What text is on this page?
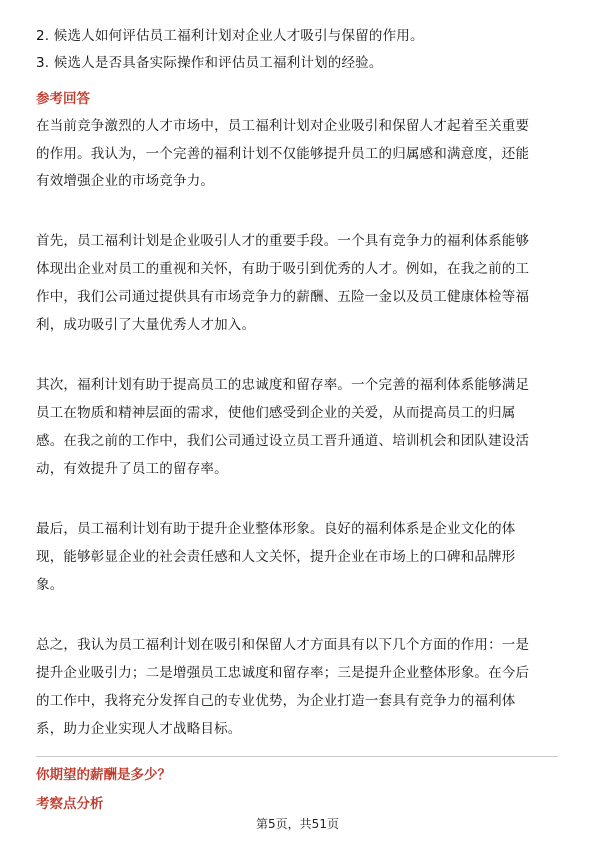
2. 候选人如何评估员工福利计划对企业人才吸引与保留的作用。
3. 候选人是否具备实际操作和评估员工福利计划的经验。
参考回答
在当前竞争激烈的人才市场中，员工福利计划对企业吸引和保留人才起着至关重要
的作用。我认为，一个完善的福利计划不仅能够提升员工的归属感和满意度，还能
有效增强企业的市场竞争力。
首先，员工福利计划是企业吸引人才的重要手段。一个具有竞争力的福利体系能够
体现出企业对员工的重视和关怀，有助于吸引到优秀的人才。例如，在我之前的工
作中，我们公司通过提供具有市场竞争力的薪酬、五险一金以及员工健康体检等福
利，成功吸引了大量优秀人才加入。
其次，福利计划有助于提高员工的忠诚度和留存率。一个完善的福利体系能够满足
员工在物质和精神层面的需求，使他们感受到企业的关爱，从而提高员工的归属
感。在我之前的工作中，我们公司通过设立员工晋升通道、培训机会和团队建设活
动，有效提升了员工的留存率。
最后，员工福利计划有助于提升企业整体形象。良好的福利体系是企业文化的体
现，能够彰显企业的社会责任感和人文关怀，提升企业在市场上的口碑和品牌形
象。
总之，我认为员工福利计划在吸引和保留人才方面具有以下几个方面的作用：一是
提升企业吸引力；二是增强员工忠诚度和留存率；三是提升企业整体形象。在今后
的工作中，我将充分发挥自己的专业优势，为企业打造一套具有竞争力的福利体
系，助力企业实现人才战略目标。
你期望的薪酬是多少？
考察点分析
第5页，共51页
